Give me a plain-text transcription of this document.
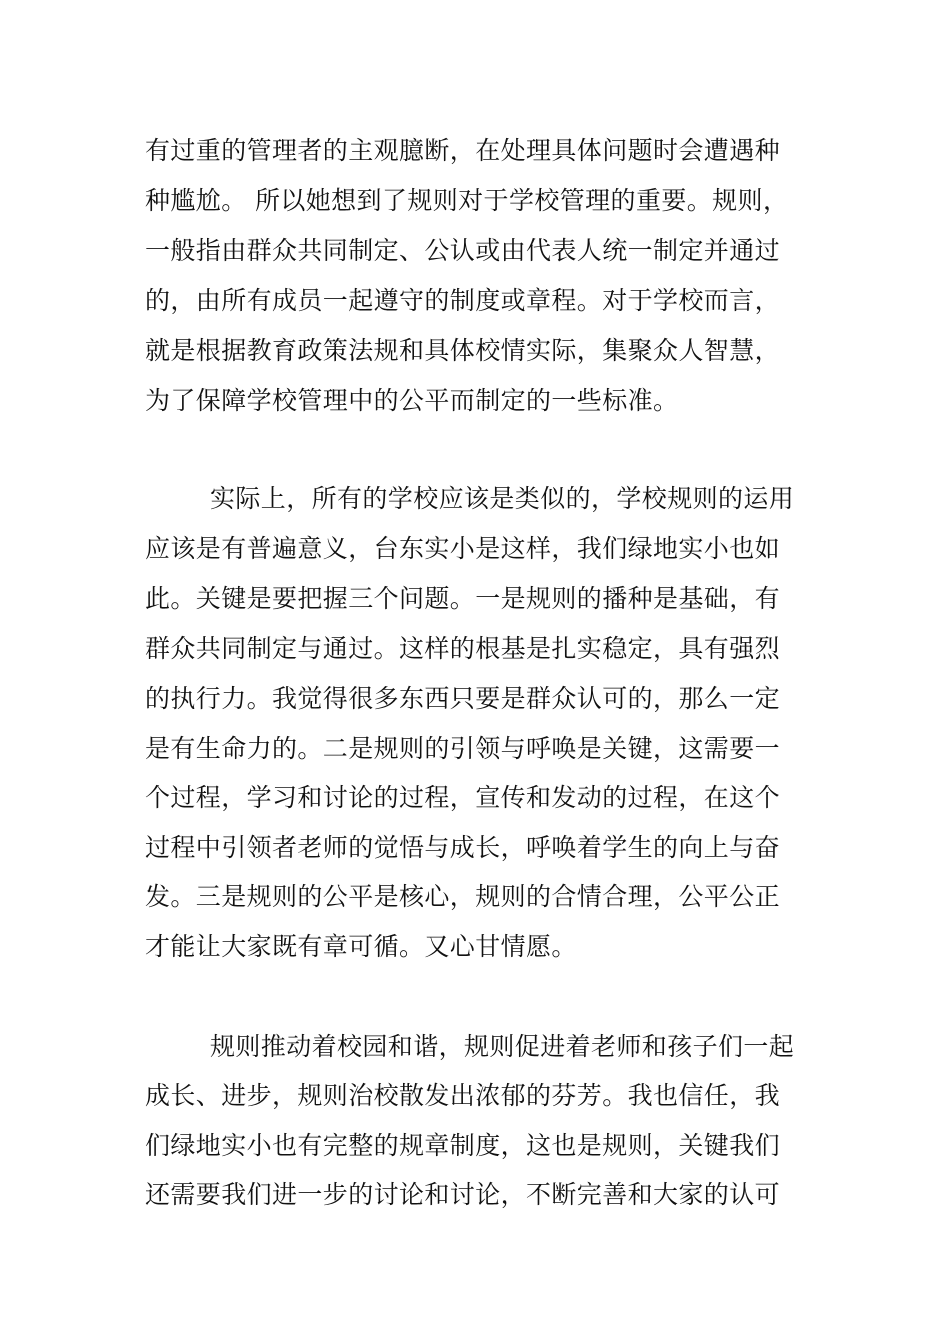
有过重的管理者的主观臆断，在处理具体问题时会遭遇种
种尴尬。 所以她想到了规则对于学校管理的重要。规则，
一般指由群众共同制定、公认或由代表人统一制定并通过
的，由所有成员一起遵守的制度或章程。对于学校而言，
就是根据教育政策法规和具体校情实际，集聚众人智慧，
为了保障学校管理中的公平而制定的一些标准。
实际上，所有的学校应该是类似的，学校规则的运用
应该是有普遍意义，台东实小是这样，我们绿地实小也如
此。关键是要把握三个问题。一是规则的播种是基础，有
群众共同制定与通过。这样的根基是扎实稳定，具有强烈
的执行力。我觉得很多东西只要是群众认可的，那么一定
是有生命力的。二是规则的引领与呼唤是关键，这需要一
个过程，学习和讨论的过程，宣传和发动的过程，在这个
过程中引领者老师的觉悟与成长，呼唤着学生的向上与奋
发。三是规则的公平是核心，规则的合情合理，公平公正
才能让大家既有章可循。又心甘情愿。
规则推动着校园和谐，规则促进着老师和孩子们一起
成长、进步，规则治校散发出浓郁的芬芳。我也信任，我
们绿地实小也有完整的规章制度，这也是规则，关键我们
还需要我们进一步的讨论和讨论，不断完善和大家的认可
